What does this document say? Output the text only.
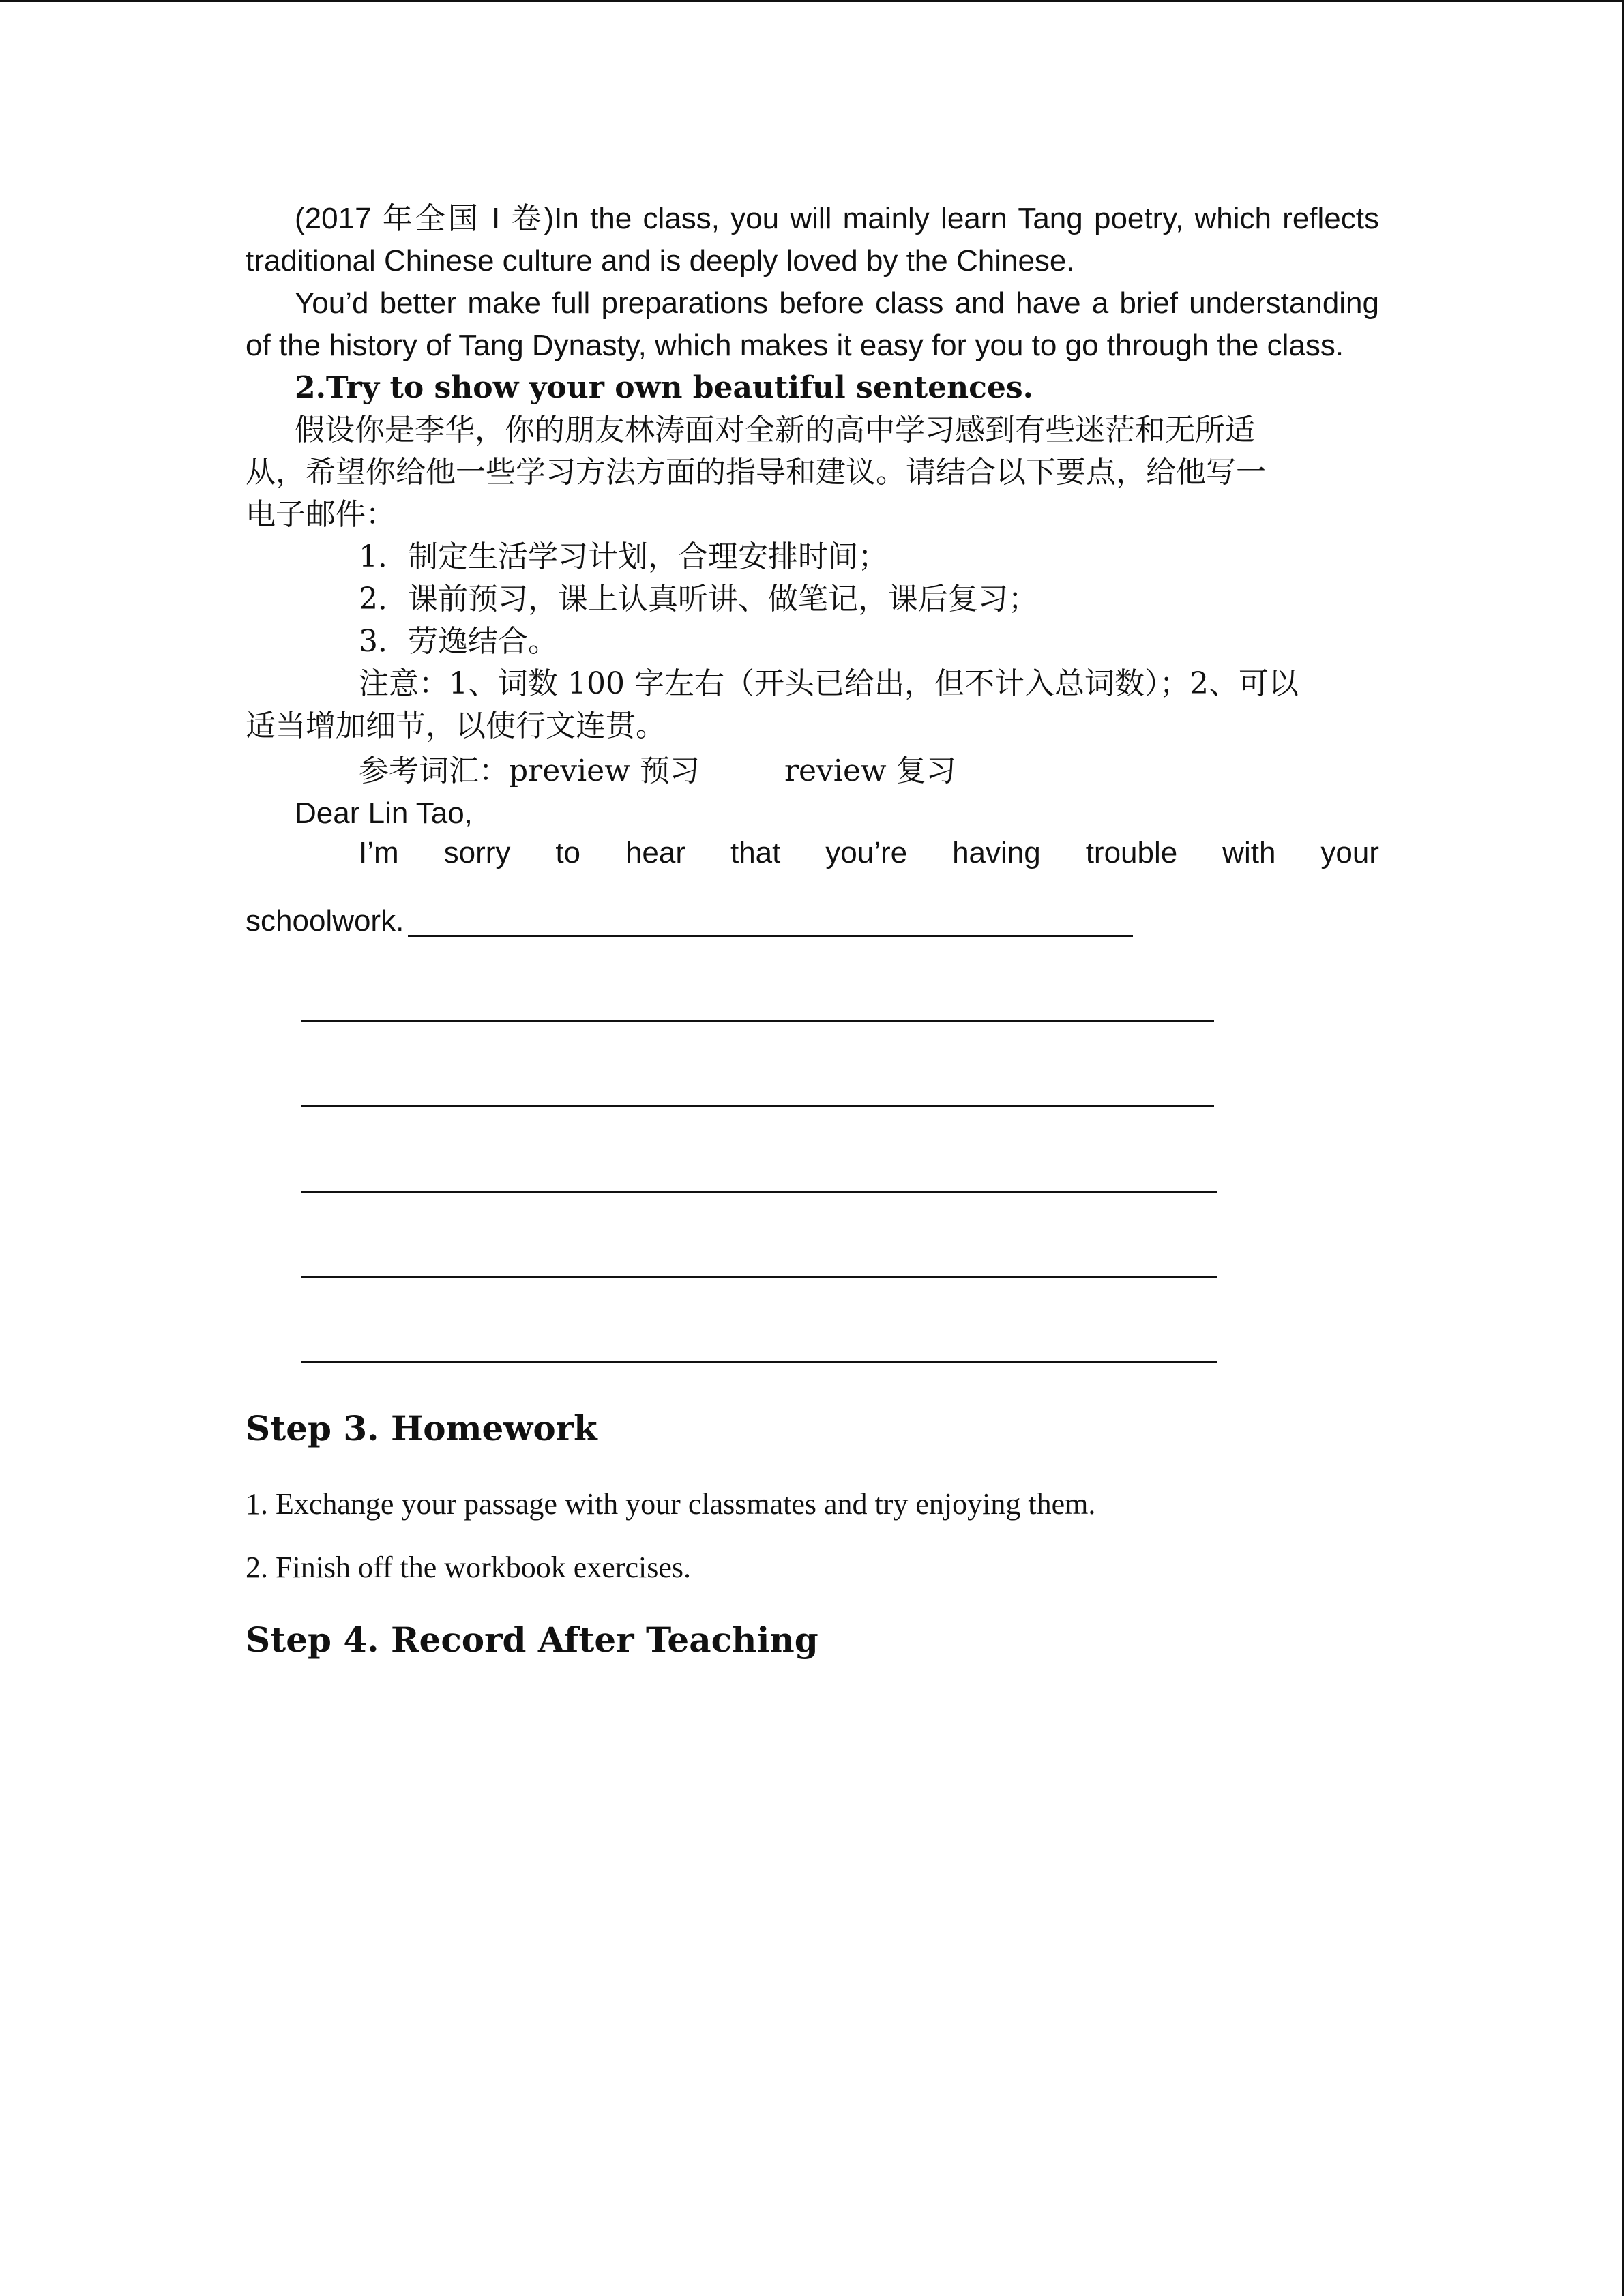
(2017 年全国 I 卷)In the class, you will mainly learn Tang poetry, which reflects
traditional Chinese culture and is deeply loved by the Chinese.
You’d better make full preparations before class and have a brief understanding
of the history of Tang Dynasty, which makes it easy for you to go through the class.
2.Try to show your own beautiful sentences.
假设你是李华，你的朋友林涛面对全新的高中学习感到有些迷茫和无所适
从，希望你给他一些学习方法方面的指导和建议。请结合以下要点，给他写一
电子邮件：
1．制定生活学习计划，合理安排时间；
2．课前预习，课上认真听讲、做笔记，课后复习；
3．劳逸结合。
注意：1、词数 100 字左右（开头已给出，但不计入总词数）；2、可以
适当增加细节，以使行文连贯。
参考词汇：preview 预习	review 复习
Dear Lin Tao,
I’m sorry to hear that you’re having trouble with your
schoolwork.
Step 3. Homework
1. Exchange your passage with your classmates and try enjoying them.
2. Finish off the workbook exercises.
Step 4. Record After Teaching
